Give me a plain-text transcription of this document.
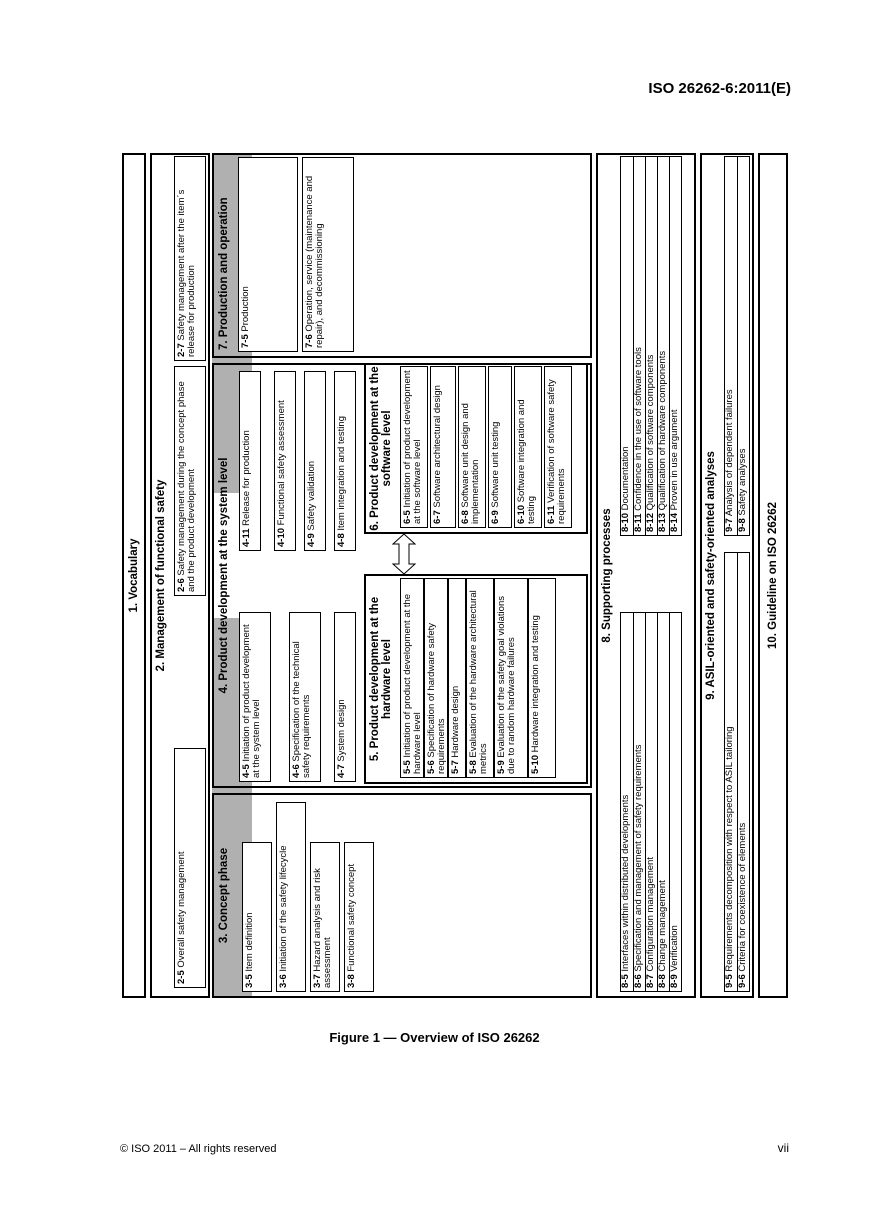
ISO 26262-6:2011(E)
1. Vocabulary 2. Management of functional safety
2-5 Overall safety management
2-6 Safety management during the concept phase and the product development
2-7 Safety management after the item´s release for production
3. Concept phase
3-5 Item definition
3-6 Initiation of the safety lifecycle
3-7 Hazard analysis and risk assessment	3-8 Functional safety concept
4. Product development at the system level
4-5 Initiation of product development at the system level	4-6 Specification of the technical safety requirements	4-7 System design
4-11 Release for production
4-10 Functional safety assessment
4-9 Safety validation
4-8 Item integration and testing
5. Product development at the hardware level
5-5 Initiation of product development at the hardware level 5-6 Specification of hardware safety requirements 5-7 Hardware design
5-8 Evaluation of the hardware architectural metrics 5-9 Evaluation of the safety goal violations due to random hardware failures	5-10 Hardware integration and testing
6. Product development at the software level
6-5 Initiation of product development at the software level 6-7 Software architectural design
6-8 Software unit design and implementation 6-9 Software unit testing
6-10 Software integration and testing 6-11 Verification of software safety requirements
7. Production and operation 7-5 Production
7-6 Operation, service (maintenance and repair), and decommissioning
8. Supporting processes
8-5 Interfaces within distributed developments
8-6 Specification and management of safety requirements
8-7 Configuration management
8-8 Change management
8-9 Verification
8-10 Documentation
8-11 Confidence in the use of software tools
8-12 Qualification of software components
8-13 Qualification of hardware components
8-14 Proven in use argument 9. ASIL-oriented and safety-oriented analyses
9-5 Requirements decomposition with respect to ASIL tailoring
9-6 Criteria for coexistence of elements
9-7 Analysis of dependent failures
9-8 Safety analyses
10. Guideline on ISO 26262
Figure 1 — Overview of ISO 26262
© ISO 2011 – All rights reserved	vii
